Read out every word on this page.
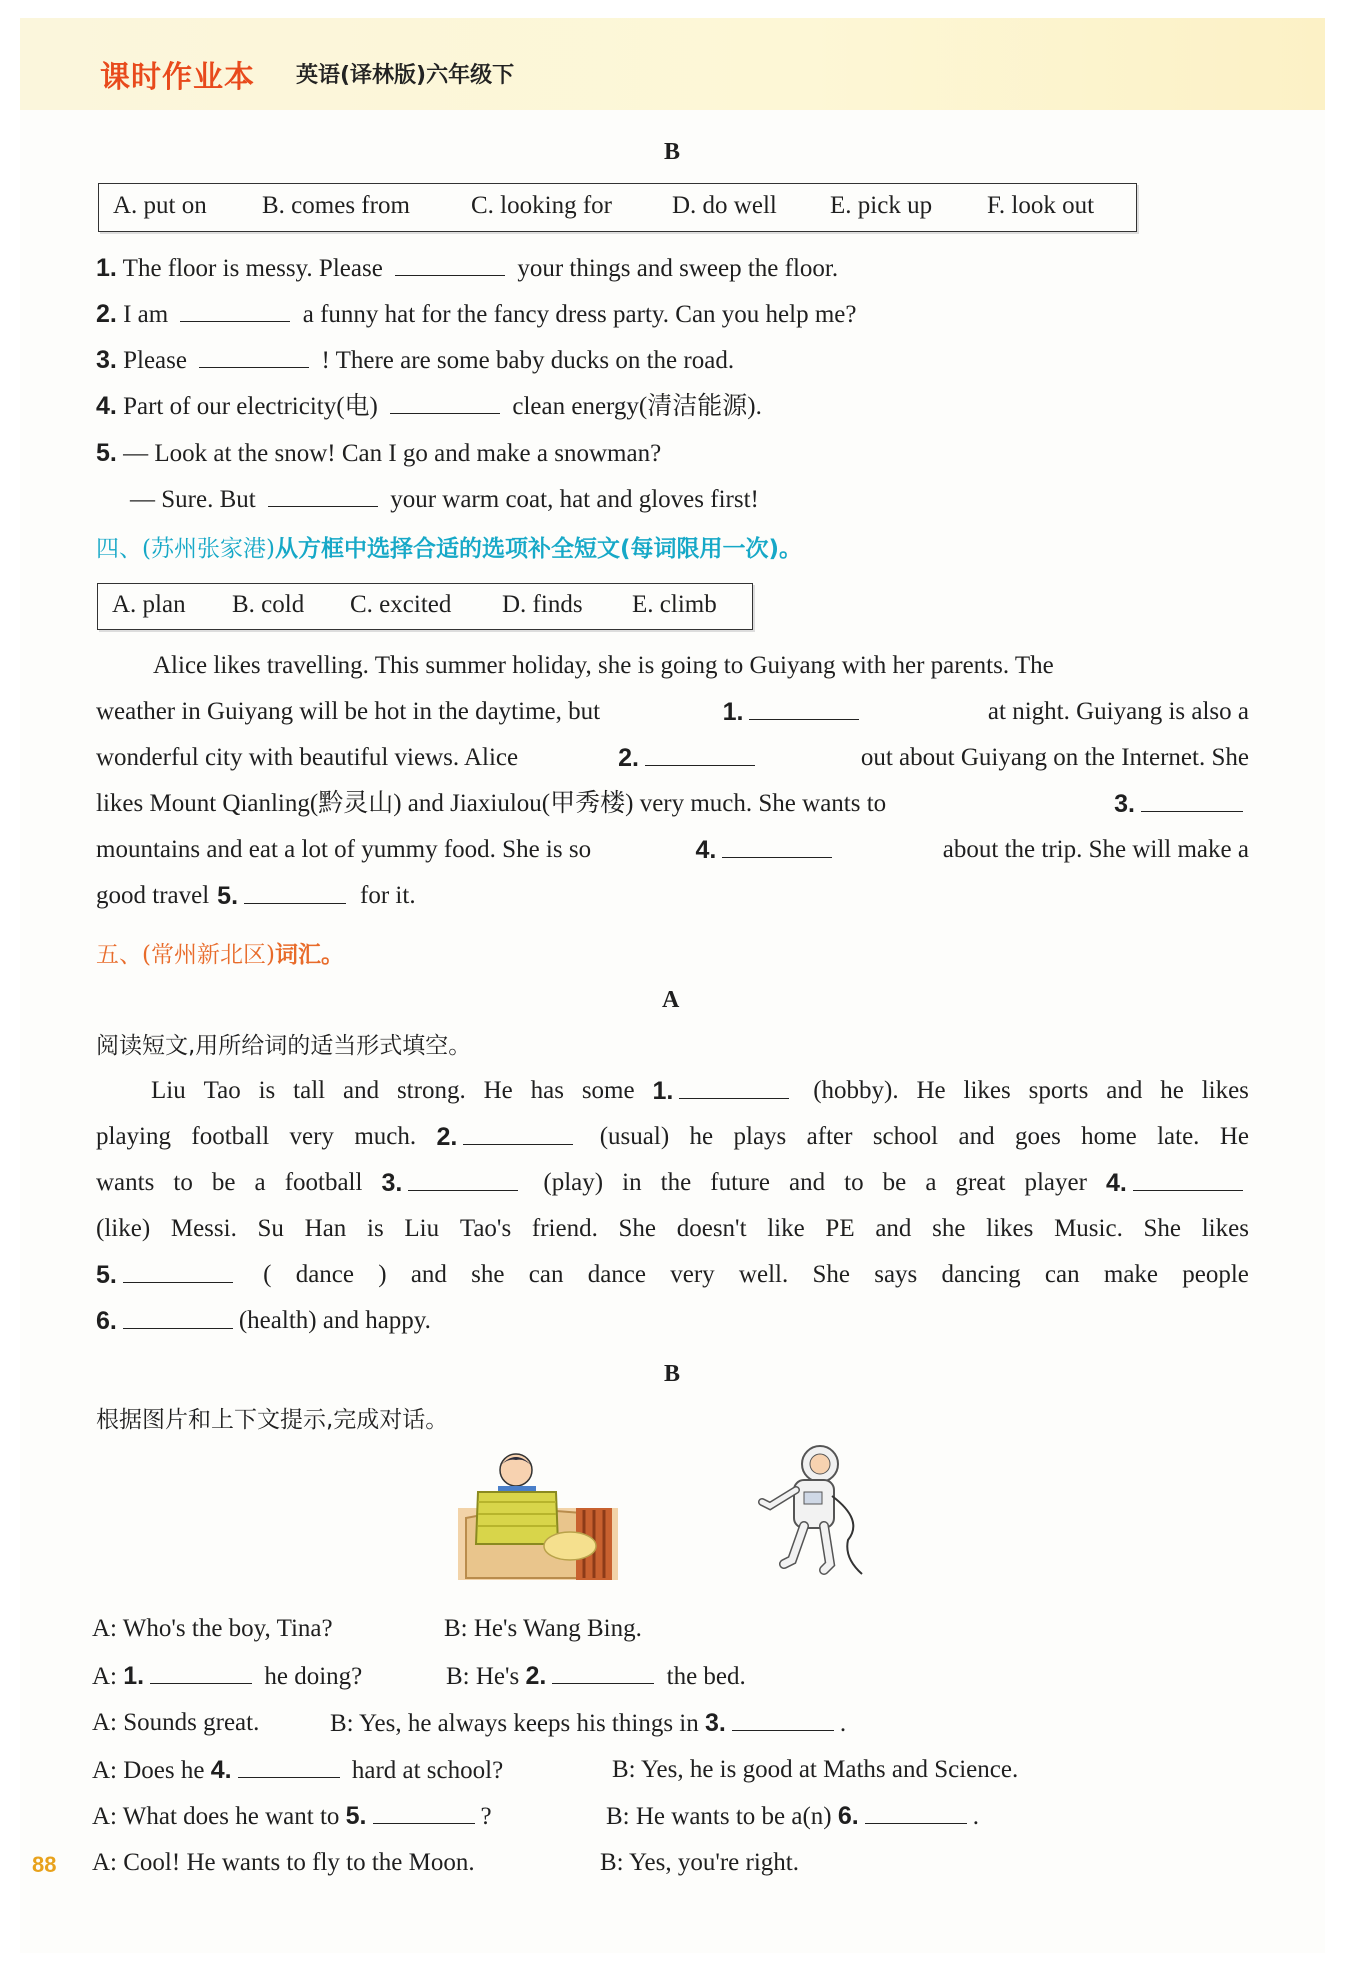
课时作业本 英语(译林版)六年级下
B
A. put on B. comes from C. looking for D. do well E. pick up F. look out
1. The floor is messy. Please	your things and sweep the floor.
2. I am	a funny hat for the fancy dress party. Can you help me?
3. Please	! There are some baby ducks on the road.
4. Part of our electricity(电)	clean energy(清洁能源).
5. — Look at the snow! Can I go and make a snowman?
— Sure. But	your warm coat, hat and gloves first!
四、(苏州张家港)从方框中选择合适的选项补全短文(每词限用一次)。
A. plan B. cold C. excited D. finds E. climb
Alice likes travelling. This summer holiday, she is going to Guiyang with her parents. The
weather in Guiyang will be hot in the daytime, but	1.	at night. Guiyang is also a
wonderful city with beautiful views. Alice	2.	out about Guiyang on the Internet. She
likes Mount Qianling(黔灵山) and Jiaxiulou(甲秀楼) very much. She wants to	3.
mountains and eat a lot of yummy food. She is so	4.	about the trip. She will make a
good travel 5.	for it.
五、(常州新北区)词汇。
A
阅读短文,用所给词的适当形式填空。
Liu Tao is tall and strong. He has some 1.	(hobby). He likes sports and he likes
playing football very much. 2.	(usual) he plays after school and goes home late. He
wants to be a football 3.	(play) in the future and to be a great player 4.
(like) Messi. Su Han is Liu Tao's friend. She doesn't like PE and she likes Music. She likes
5.	( dance ) and she can dance very well. She says dancing can make people
6.	(health) and happy.
B
根据图片和上下文提示,完成对话。
A: Who's the boy, Tina?	B: He's Wang Bing.
A: 1.	he doing?	B: He's 2.	the bed.
A: Sounds great.	B: Yes, he always keeps his things in 3.	.
A: Does he 4.	hard at school?	B: Yes, he is good at Maths and Science.
A: What does he want to 5.	?	B: He wants to be a(n) 6.	.
A: Cool! He wants to fly to the Moon.	B: Yes, you're right.
88
